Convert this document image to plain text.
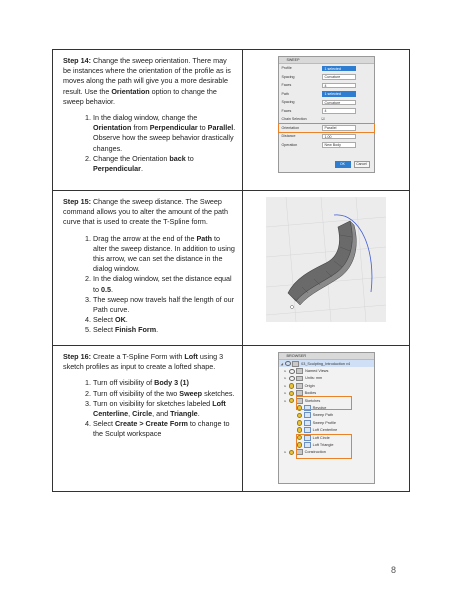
Step 14: Change the sweep orientation. There may be instances where the orientation of the profile as is moves along the path will give you a more desirable result. Use the Orientation option to change the sweep behavior.

1. In the dialog window, change the Orientation from Perpendicular to Parallel. Observe how the sweep behavior drastically changes.
2. Change the Orientation back to Perpendicular.
SWEEP
Profile	1 selected
Spacing	Curvature
Faces	4
Path	1 selected
Spacing	Curvature
Faces	4
Chain Selection	☑
Orientation	Parallel
Distance	1.00
Operation	New Body
OK	Cancel

Step 15: Change the sweep distance. The Sweep command allows you to alter the amount of the path curve that is used to create the T-Spline form.

1. Drag the arrow at the end of the Path to alter the sweep distance. In addition to using this arrow, we can set the distance in the dialog window.
2. In the dialog window, set the distance equal to 0.5.
3. The sweep now travels half the length of our Path curve.
4. Select OK.
5. Select Finish Form.

Step 16: Create a T-Spline Form with Loft using 3 sketch profiles as input to create a lofted shape.

1. Turn off visibility of Body 3 (1)
2. Turn off visibility of the two Sweep sketches.
3. Turn on visibility for sketches labeled Loft Centerline, Circle, and Triangle.
4. Select Create > Create Form to change to the Sculpt workspace
BROWSER
◢	03_Sculpting_Introduction v4
▸	Named Views
▸	Units: mm
▸	Origin
▸	Bodies
▸	Sketches
Revolve
Sweep Path
Sweep Profile
Loft Centerline
Loft Circle
Loft Triangle
▸	Construction
8
